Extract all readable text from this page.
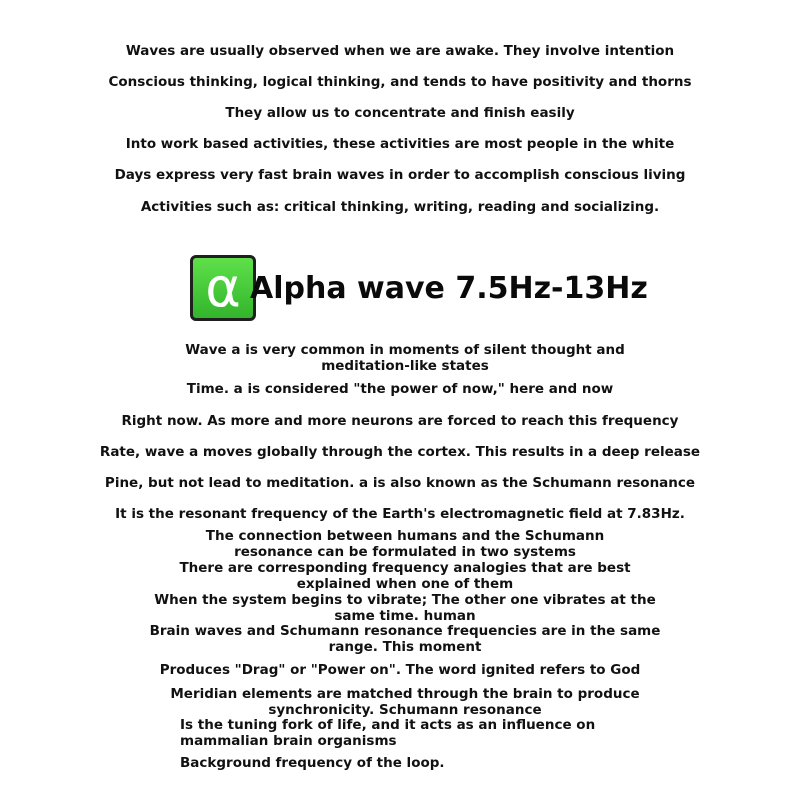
Waves are usually observed when we are awake. They involve intention
Conscious thinking, logical thinking, and tends to have positivity and thorns
They allow us to concentrate and finish easily
Into work based activities, these activities are most people in the white
Days express very fast brain waves in order to accomplish conscious living
Activities such as: critical thinking, writing, reading and socializing.
α Alpha wave 7.5Hz-13Hz
Wave a is very common in moments of silent thought and meditation-like states
Time. a is considered "the power of now," here and now
Right now. As more and more neurons are forced to reach this frequency
Rate, wave a moves globally through the cortex. This results in a deep release
Pine, but not lead to meditation. a is also known as the Schumann resonance
It is the resonant frequency of the Earth's electromagnetic field at 7.83Hz.
The connection between humans and the Schumann resonance can be formulated in two systems
There are corresponding frequency analogies that are best explained when one of them
When the system begins to vibrate; The other one vibrates at the same time. human
Brain waves and Schumann resonance frequencies are in the same range. This moment
Produces "Drag" or "Power on". The word ignited refers to God
Meridian elements are matched through the brain to produce synchronicity. Schumann resonance
Is the tuning fork of life, and it acts as an influence on mammalian brain organisms
Background frequency of the loop.
